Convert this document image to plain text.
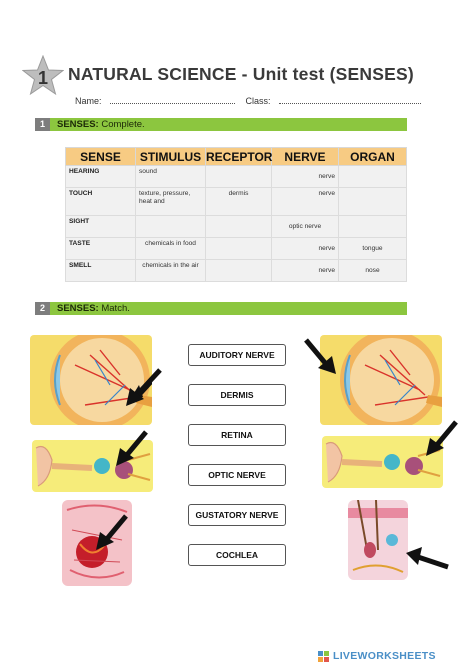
1 NATURAL SCIENCE - Unit test (SENSES)
Name:	Class:
1	SENSES: Complete.
SENSE	STIMULUS	RECEPTOR	NERVE	ORGAN
HEARING	sound		nerve	
TOUCH	texture, pressure, heat and	dermis	nerve	
SIGHT			optic nerve	
TASTE	chemicals in food		nerve	tongue
SMELL	chemicals in the air		nerve	nose
2	SENSES: Match.
AUDITORY NERVE
DERMIS
RETINA
OPTIC NERVE
GUSTATORY NERVE
COCHLEA
LIVEWORKSHEETS
